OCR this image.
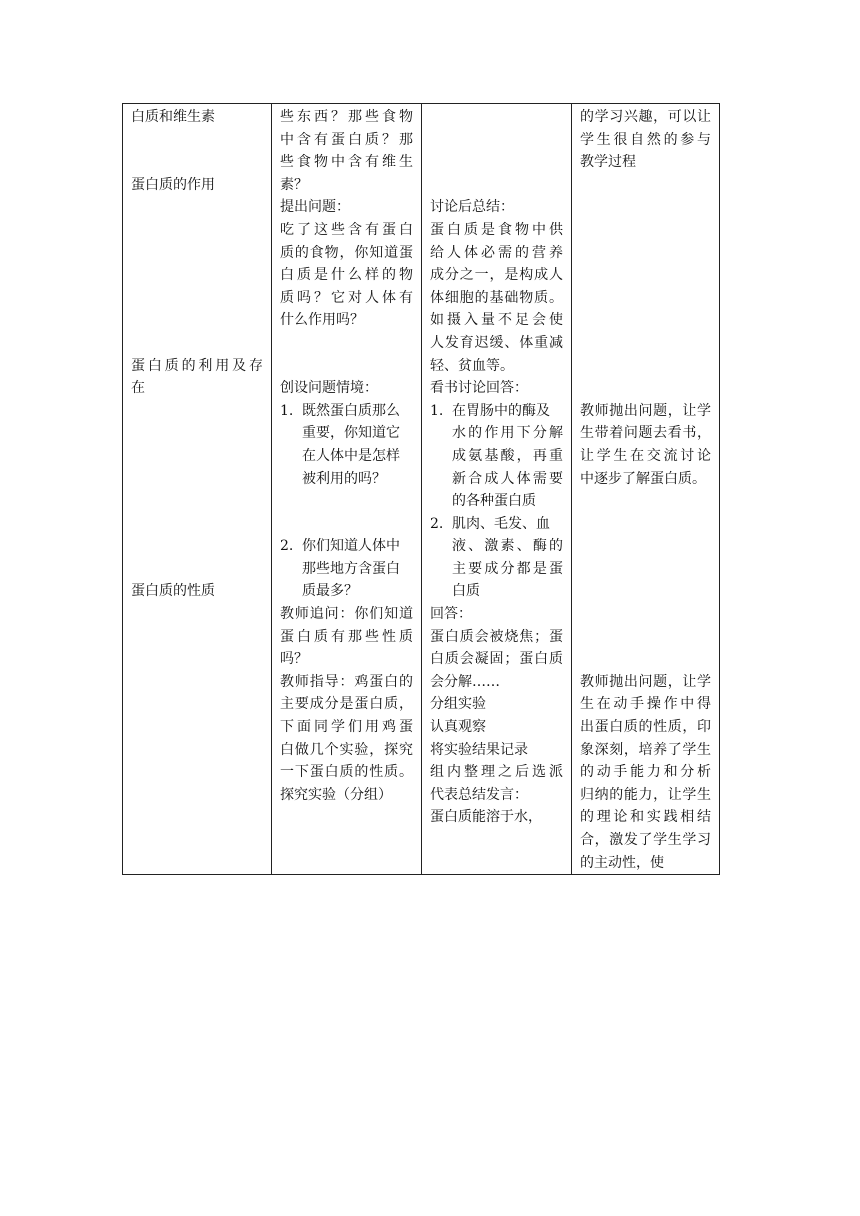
白质和维生素
蛋白质的作用
蛋白质的利用及存
在
蛋白质的性质

些东西？那些食物
中含有蛋白质？那
些食物中含有维生
素？
提出问题：
吃了这些含有蛋白
质的食物，你知道蛋
白质是什么样的物
质吗？它对人体有
什么作用吗？
创设问题情境：
1. 既然蛋白质那么
重要，你知道它
在人体中是怎样
被利用的吗？
2. 你们知道人体中
那些地方含蛋白
质最多？
教师追问：你们知道
蛋白质有那些性质
吗？
教师指导：鸡蛋白的
主要成分是蛋白质，
下面同学们用鸡蛋
白做几个实验，探究
一下蛋白质的性质。
探究实验（分组）

讨论后总结：
蛋白质是食物中供
给人体必需的营养
成分之一，是构成人
体细胞的基础物质。
如摄入量不足会使
人发育迟缓、体重减
轻、贫血等。
看书讨论回答：
1. 在胃肠中的酶及
水的作用下分解
成氨基酸，再重
新合成人体需要
的各种蛋白质
2. 肌肉、毛发、血
液、激素、酶的
主要成分都是蛋
白质
回答：
蛋白质会被烧焦；蛋
白质会凝固；蛋白质
会分解……
分组实验
认真观察
将实验结果记录
组内整理之后选派
代表总结发言：
蛋白质能溶于水，

的学习兴趣，可以让
学生很自然的参与
教学过程
教师抛出问题，让学
生带着问题去看书，
让学生在交流讨论
中逐步了解蛋白质。
教师抛出问题，让学
生在动手操作中得
出蛋白质的性质，印
象深刻，培养了学生
的动手能力和分析
归纳的能力，让学生
的理论和实践相结
合，激发了学生学习
的主动性，使
